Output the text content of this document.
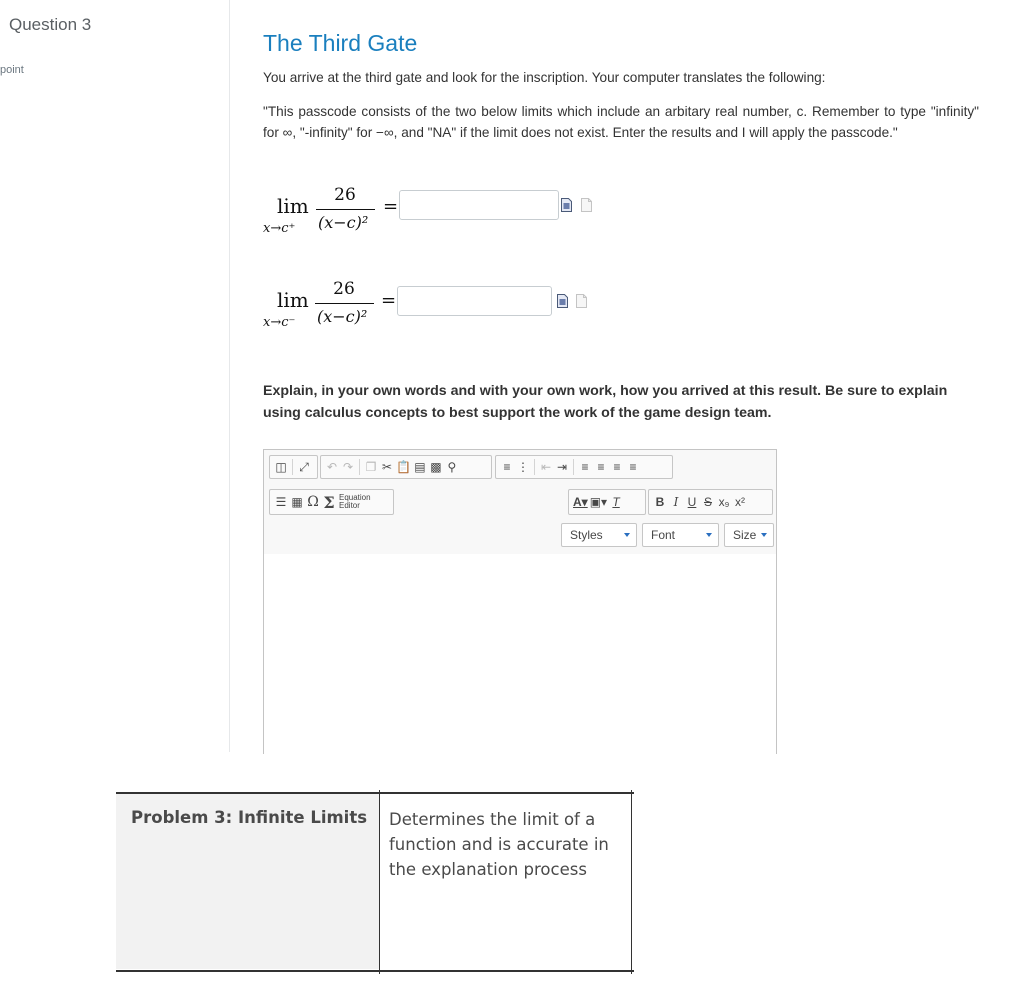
Question 3
point
The Third Gate
You arrive at the third gate and look for the inscription. Your computer translates the following:
"This passcode consists of the two below limits which include an arbitary real number, c. Remember to type "infinity" for ∞, "-infinity" for −∞, and "NA" if the limit does not exist. Enter the results and I will apply the passcode."
lim
x→c⁺
26
(x−c)²
=
lim
x→c⁻
26
(x−c)²
=
Explain, in your own words and with your own work, how you arrived at this result. Be sure to explain using calculus concepts to best support the work of the game design team.
◫ ⤢ ↶ ↷ ❐ ✂ 📋 ▤ ▩ ⚲	≡ ⋮ ⇤ ⇥ ≡ ≡ ≡ ≡
☰ ▦ Ω Σ Equation
Editor	A▾ ▣▾ T	B I U S x₉ x²
Styles	Font	Size
Problem 3: Infinite Limits Determines the limit of a function and is accurate in the explanation process
